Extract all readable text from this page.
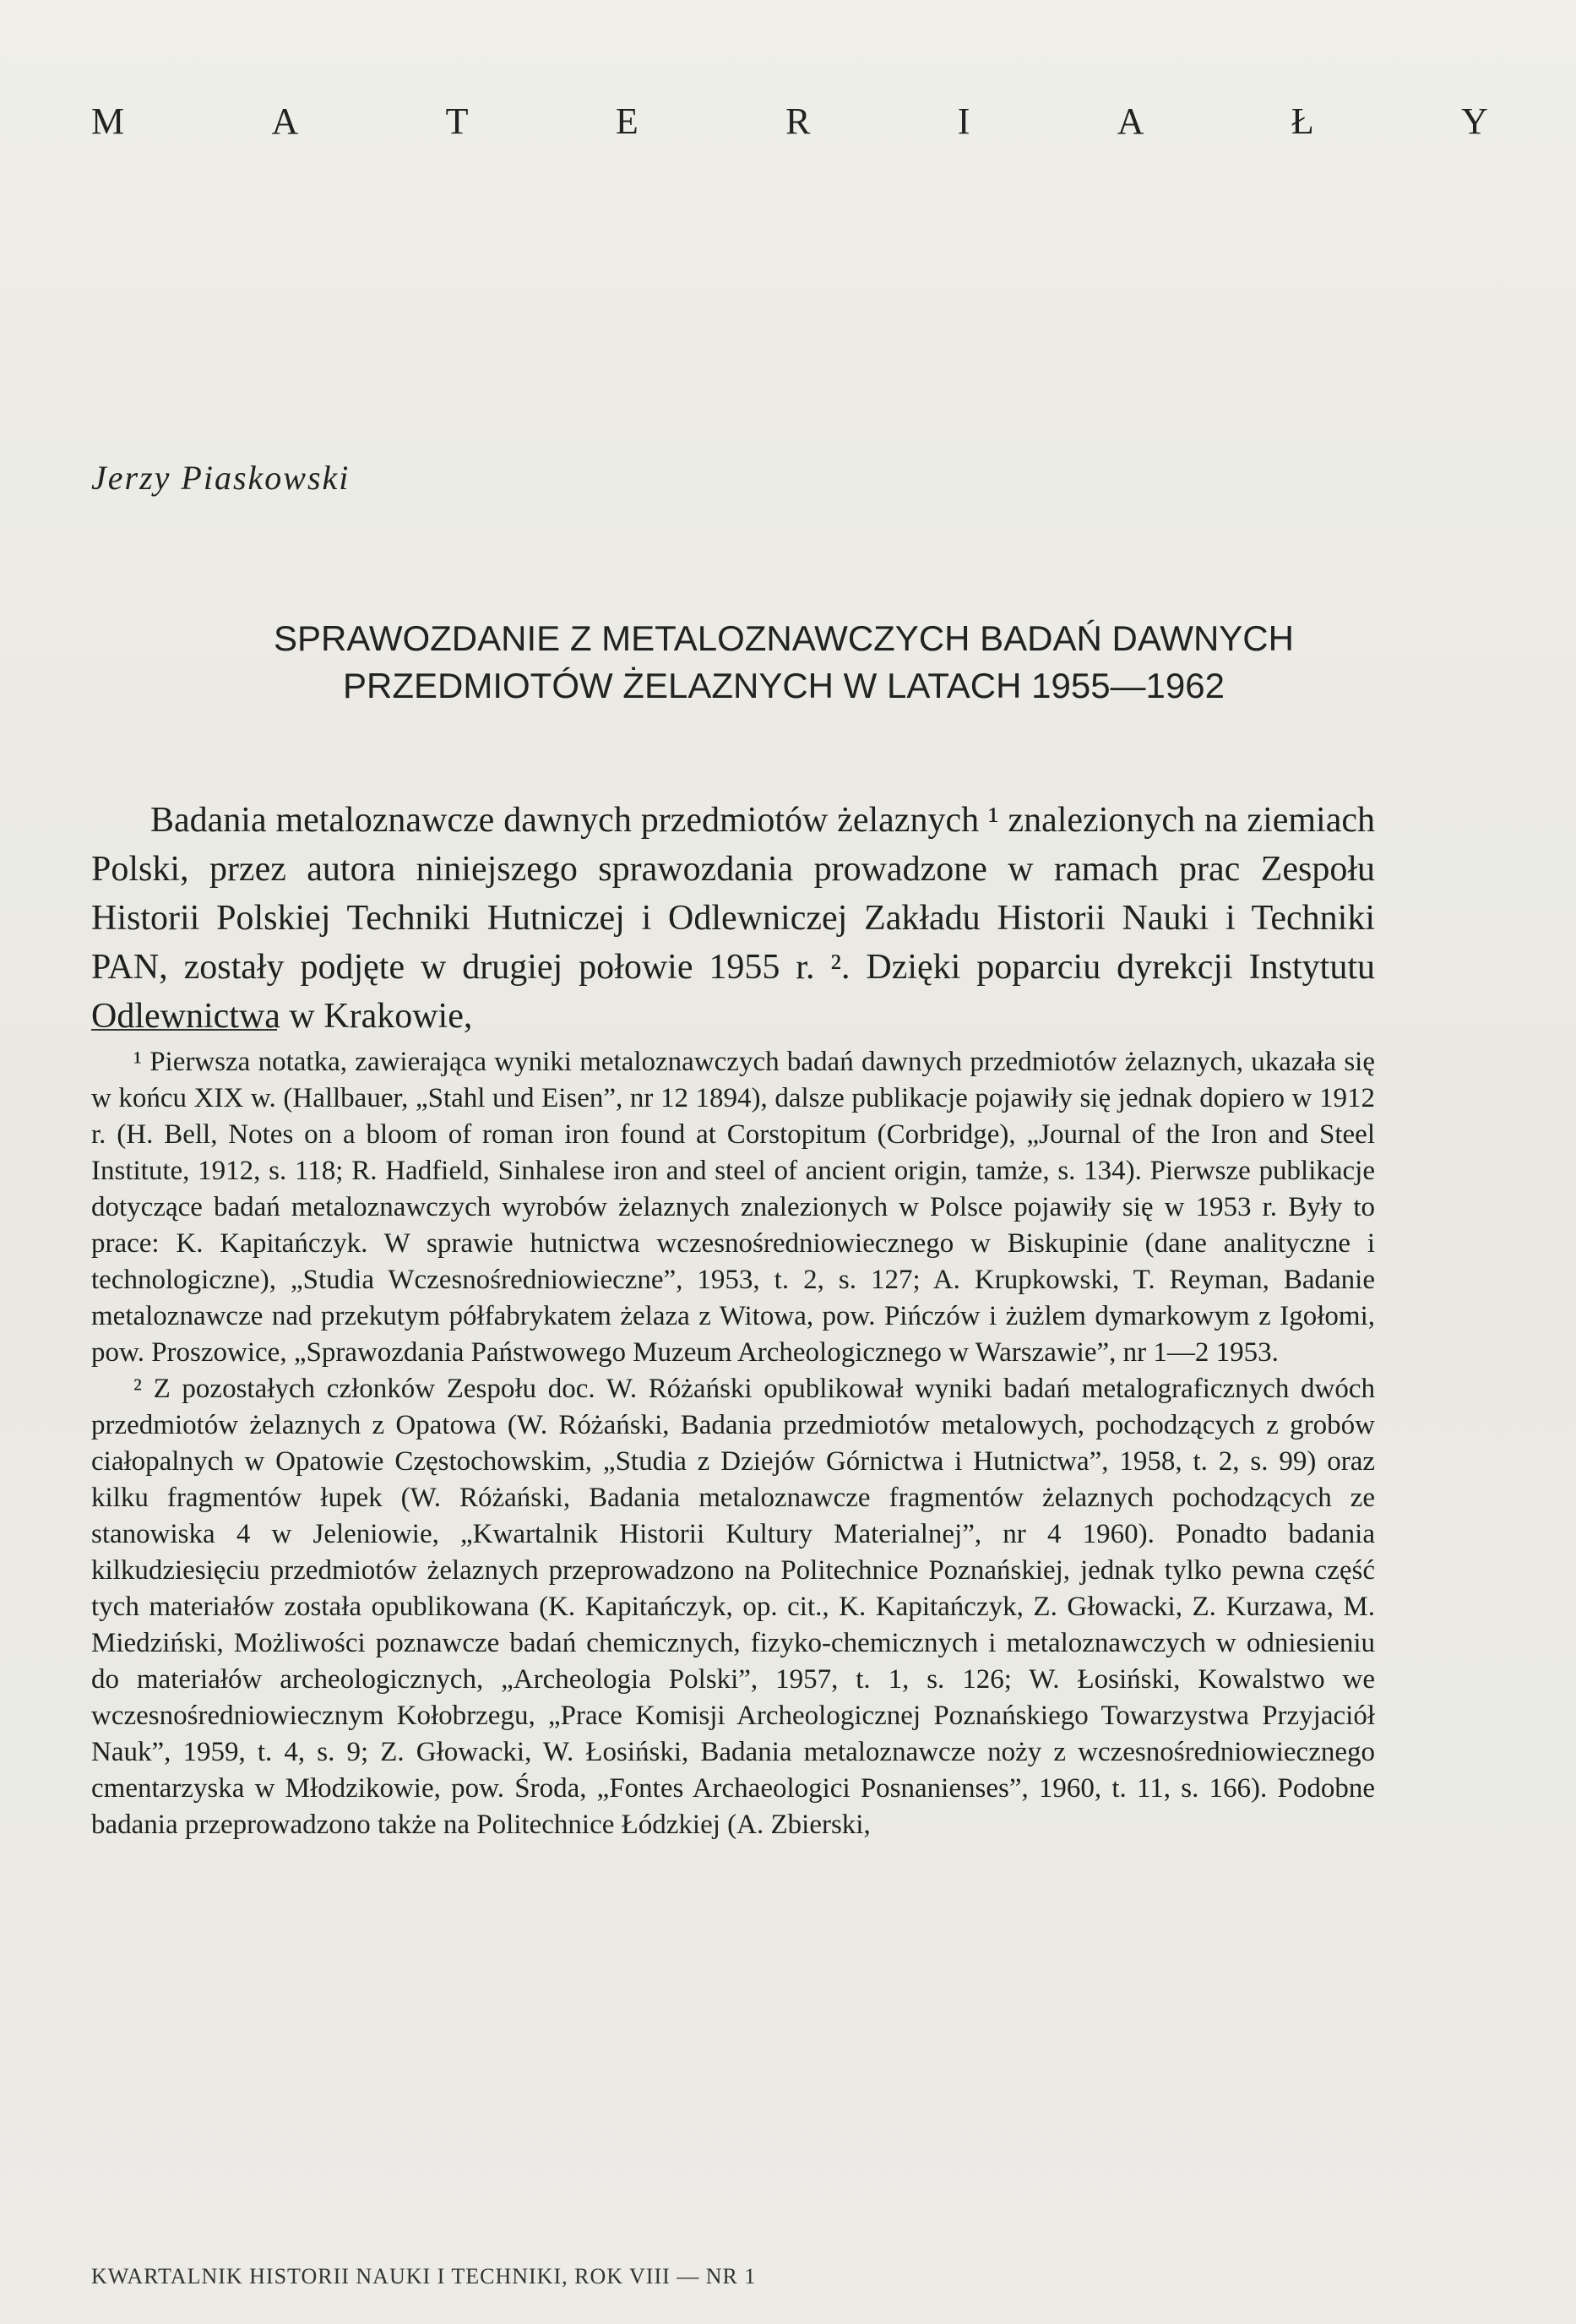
M	A	T	E	R	I	A	Ł	Y
Jerzy Piaskowski
SPRAWOZDANIE Z METALOZNAWCZYCH BADAŃ DAWNYCH
PRZEDMIOTÓW ŻELAZNYCH W LATACH 1955—1962

Badania metaloznawcze dawnych przedmiotów żelaznych ¹ znalezionych na ziemiach Polski, przez autora niniejszego sprawozdania prowadzone w ramach prac Zespołu Historii Polskiej Techniki Hutniczej i Odlewniczej Zakładu Historii Nauki i Techniki PAN, zostały podjęte w drugiej połowie 1955 r. ². Dzięki poparciu dyrekcji Instytutu Odlewnictwa w Krakowie,

¹ Pierwsza notatka, zawierająca wyniki metaloznawczych badań dawnych przedmiotów żelaznych, ukazała się w końcu XIX w. (Hallbauer, „Stahl und Eisen”, nr 12 1894), dalsze publikacje pojawiły się jednak dopiero w 1912 r. (H. Bell, Notes on a bloom of roman iron found at Corstopitum (Corbridge), „Journal of the Iron and Steel Institute, 1912, s. 118; R. Hadfield, Sinhalese iron and steel of ancient origin, tamże, s. 134). Pierwsze publikacje dotyczące badań metaloznawczych wyrobów żelaznych znalezionych w Polsce pojawiły się w 1953 r. Były to prace: K. Kapitańczyk. W sprawie hutnictwa wczesnośredniowiecznego w Biskupinie (dane analityczne i technologiczne), „Studia Wczesnośredniowieczne”, 1953, t. 2, s. 127; A. Krupkowski, T. Reyman, Badanie metaloznawcze nad przekutym półfabrykatem żelaza z Witowa, pow. Pińczów i żużlem dymarkowym z Igołomi, pow. Proszowice, „Sprawozdania Państwowego Muzeum Archeologicznego w Warszawie”, nr 1—2 1953.

² Z pozostałych członków Zespołu doc. W. Różański opublikował wyniki badań metalograficznych dwóch przedmiotów żelaznych z Opatowa (W. Różański, Badania przedmiotów metalowych, pochodzących z grobów ciałopalnych w Opatowie Częstochowskim, „Studia z Dziejów Górnictwa i Hutnictwa”, 1958, t. 2, s. 99) oraz kilku fragmentów łupek (W. Różański, Badania metaloznawcze fragmentów żelaznych pochodzących ze stanowiska 4 w Jeleniowie, „Kwartalnik Historii Kultury Materialnej”, nr 4 1960). Ponadto badania kilkudziesięciu przedmiotów żelaznych przeprowadzono na Politechnice Poznańskiej, jednak tylko pewna część tych materiałów została opublikowana (K. Kapitańczyk, op. cit., K. Kapitańczyk, Z. Głowacki, Z. Kurzawa, M. Miedziński, Możliwości poznawcze badań chemicznych, fizyko-chemicznych i metaloznawczych w odniesieniu do materiałów archeologicznych, „Archeologia Polski”, 1957, t. 1, s. 126; W. Łosiński, Kowalstwo we wczesnośredniowiecznym Kołobrzegu, „Prace Komisji Archeologicznej Poznańskiego Towarzystwa Przyjaciół Nauk”, 1959, t. 4, s. 9; Z. Głowacki, W. Łosiński, Badania metaloznawcze noży z wczesnośredniowiecznego cmentarzyska w Młodzikowie, pow. Środa, „Fontes Archaeologici Posnanienses”, 1960, t. 11, s. 166). Podobne badania przeprowadzono także na Politechnice Łódzkiej (A. Zbierski,

KWARTALNIK HISTORII NAUKI I TECHNIKI, ROK VIII — NR 1
